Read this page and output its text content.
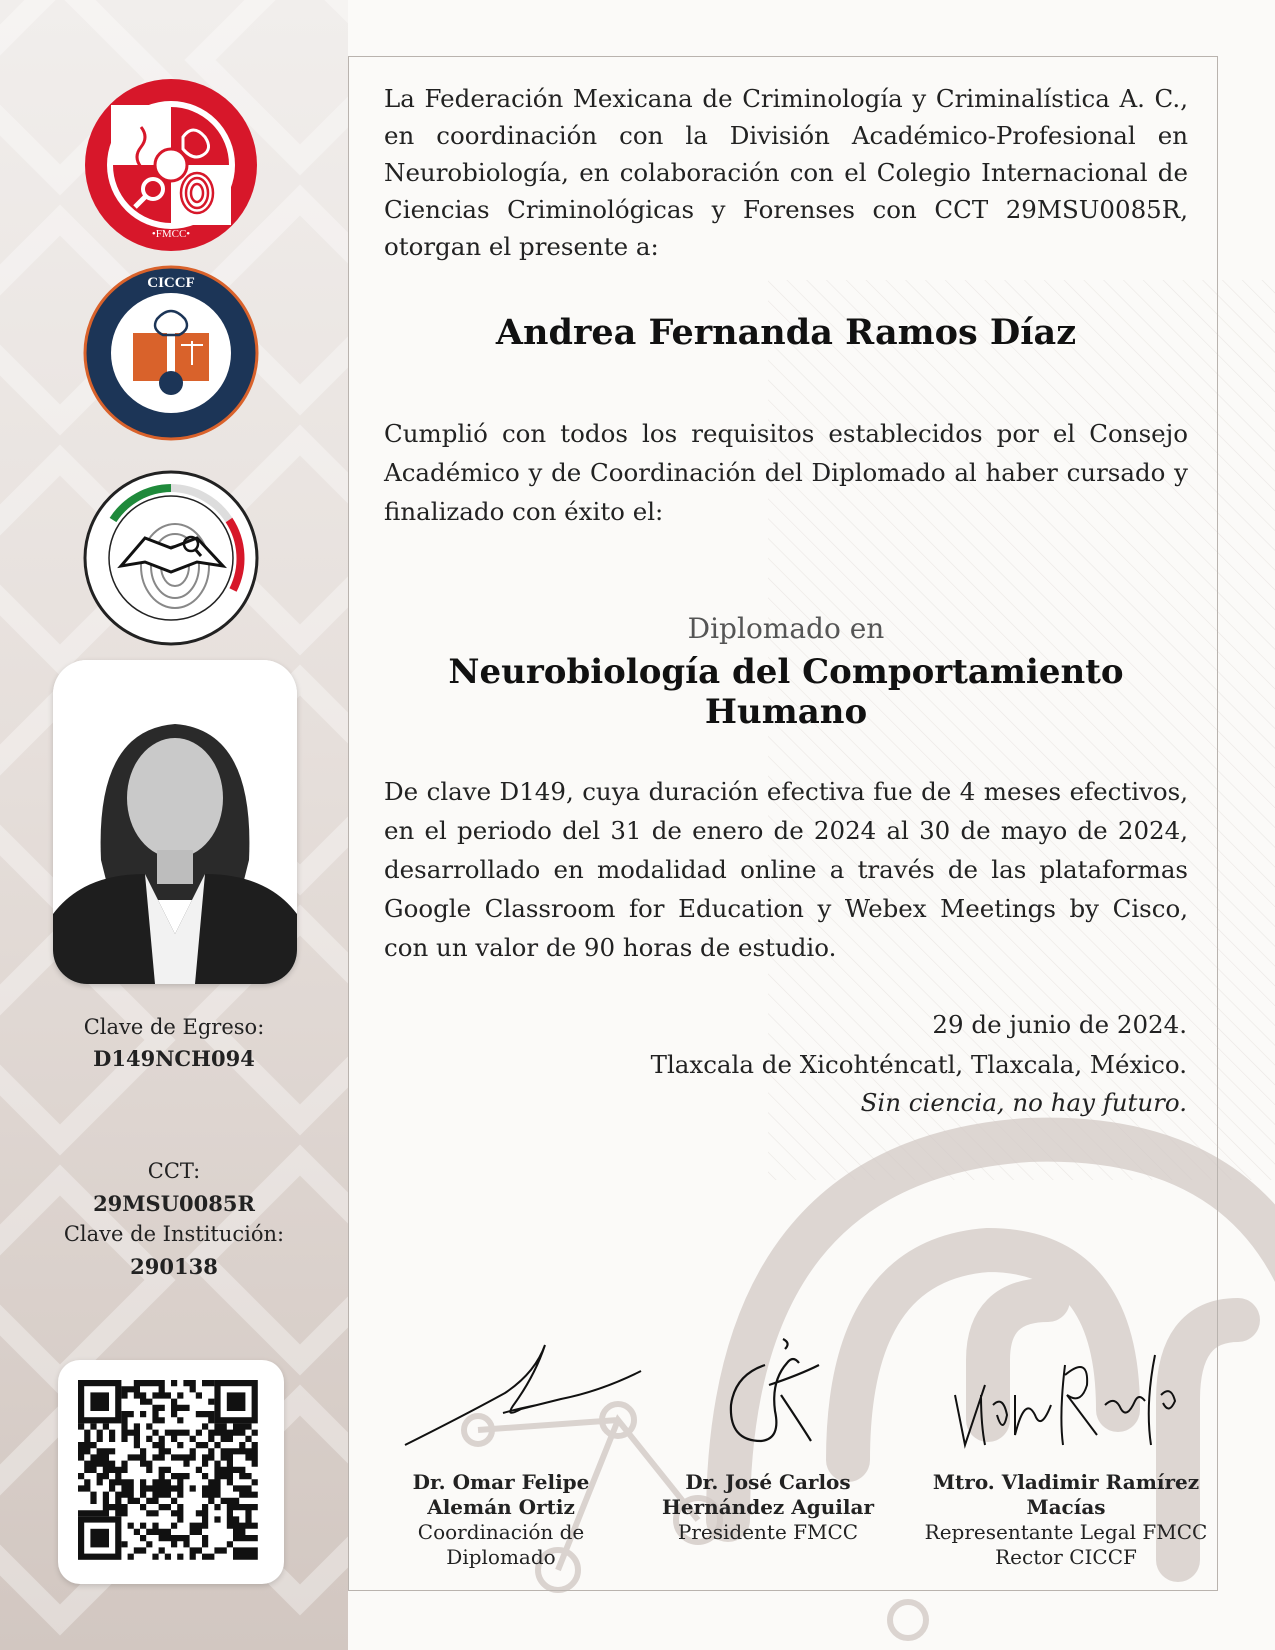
•FMCC•
CICCF
Clave de Egreso:
D149NCH094
CCT:
29MSU0085R
Clave de Institución:
290138
La Federación Mexicana de Criminología y Criminalística A. C., en coordinación con la División Académico-Profesional en Neurobiología, en colaboración con el Colegio Internacional de Ciencias Criminológicas y Forenses con CCT 29MSU0085R, otorgan el presente a:
Andrea Fernanda Ramos Díaz
Cumplió con todos los requisitos establecidos por el Consejo Académico y de Coordinación del Diplomado al haber cursado y finalizado con éxito el:
Diplomado en
Neurobiología del Comportamiento Humano
De clave D149, cuya duración efectiva fue de 4 meses efectivos, en el periodo del 31 de enero de 2024 al 30 de mayo de 2024, desarrollado en modalidad online a través de las plataformas Google Classroom for Education y Webex Meetings by Cisco, con un valor de 90 horas de estudio.
29 de junio de 2024.
Tlaxcala de Xicohténcatl, Tlaxcala, México.
Sin ciencia, no hay futuro.
Dr. Omar Felipe
Alemán Ortiz
Coordinación de
Diplomado
Dr. José Carlos
Hernández Aguilar
Presidente FMCC
Mtro. Vladimir Ramírez
Macías
Representante Legal FMCC
Rector CICCF
